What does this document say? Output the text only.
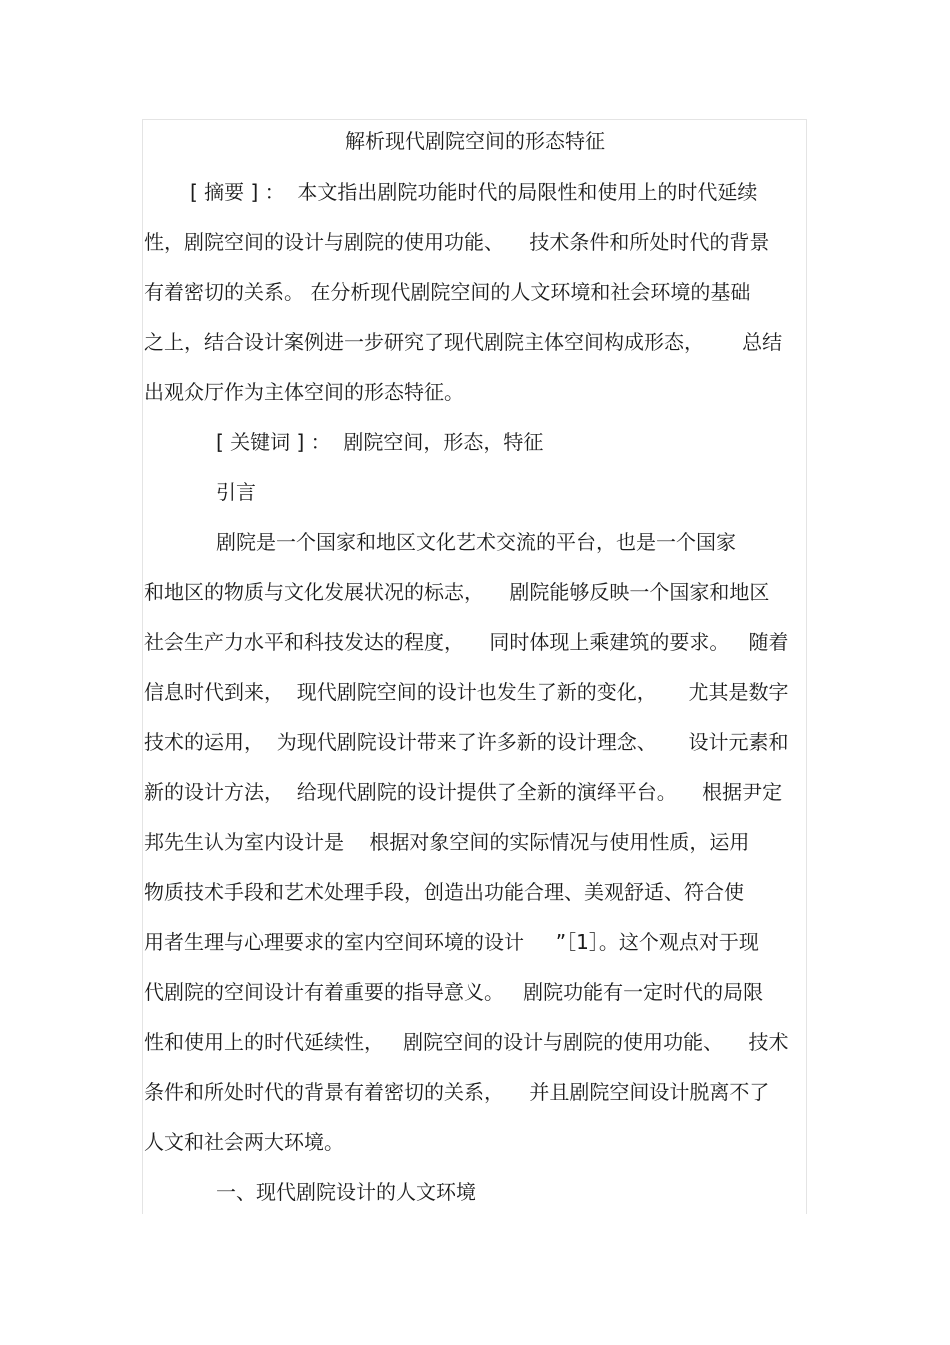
解析现代剧院空间的形态特征

[ 摘要 ] ：  本文指出剧院功能时代的局限性和使用上的时代延续

性，剧院空间的设计与剧院的使用功能、    技术条件和所处时代的背景

有着密切的关系。 在分析现代剧院空间的人文环境和社会环境的基础

之上，结合设计案例进一步研究了现代剧院主体空间构成形态，      总结

出观众厅作为主体空间的形态特征。

[ 关键词 ] ：  剧院空间，形态，特征

引言

剧院是一个国家和地区文化艺术交流的平台，也是一个国家

和地区的物质与文化发展状况的标志，    剧院能够反映一个国家和地区

社会生产力水平和科技发达的程度，    同时体现上乘建筑的要求。   随着

信息时代到来，  现代剧院空间的设计也发生了新的变化，     尤其是数字

技术的运用，  为现代剧院设计带来了许多新的设计理念、     设计元素和

新的设计方法，  给现代剧院的设计提供了全新的演绎平台。    根据尹定

邦先生认为室内设计是    根据对象空间的实际情况与使用性质，运用

物质技术手段和艺术处理手段，创造出功能合理、美观舒适、符合使

用者生理与心理要求的室内空间环境的设计     ”［1］。这个观点对于现

代剧院的空间设计有着重要的指导意义。   剧院功能有一定时代的局限

性和使用上的时代延续性，   剧院空间的设计与剧院的使用功能、    技术

条件和所处时代的背景有着密切的关系，    并且剧院空间设计脱离不了

人文和社会两大环境。

一、现代剧院设计的人文环境
